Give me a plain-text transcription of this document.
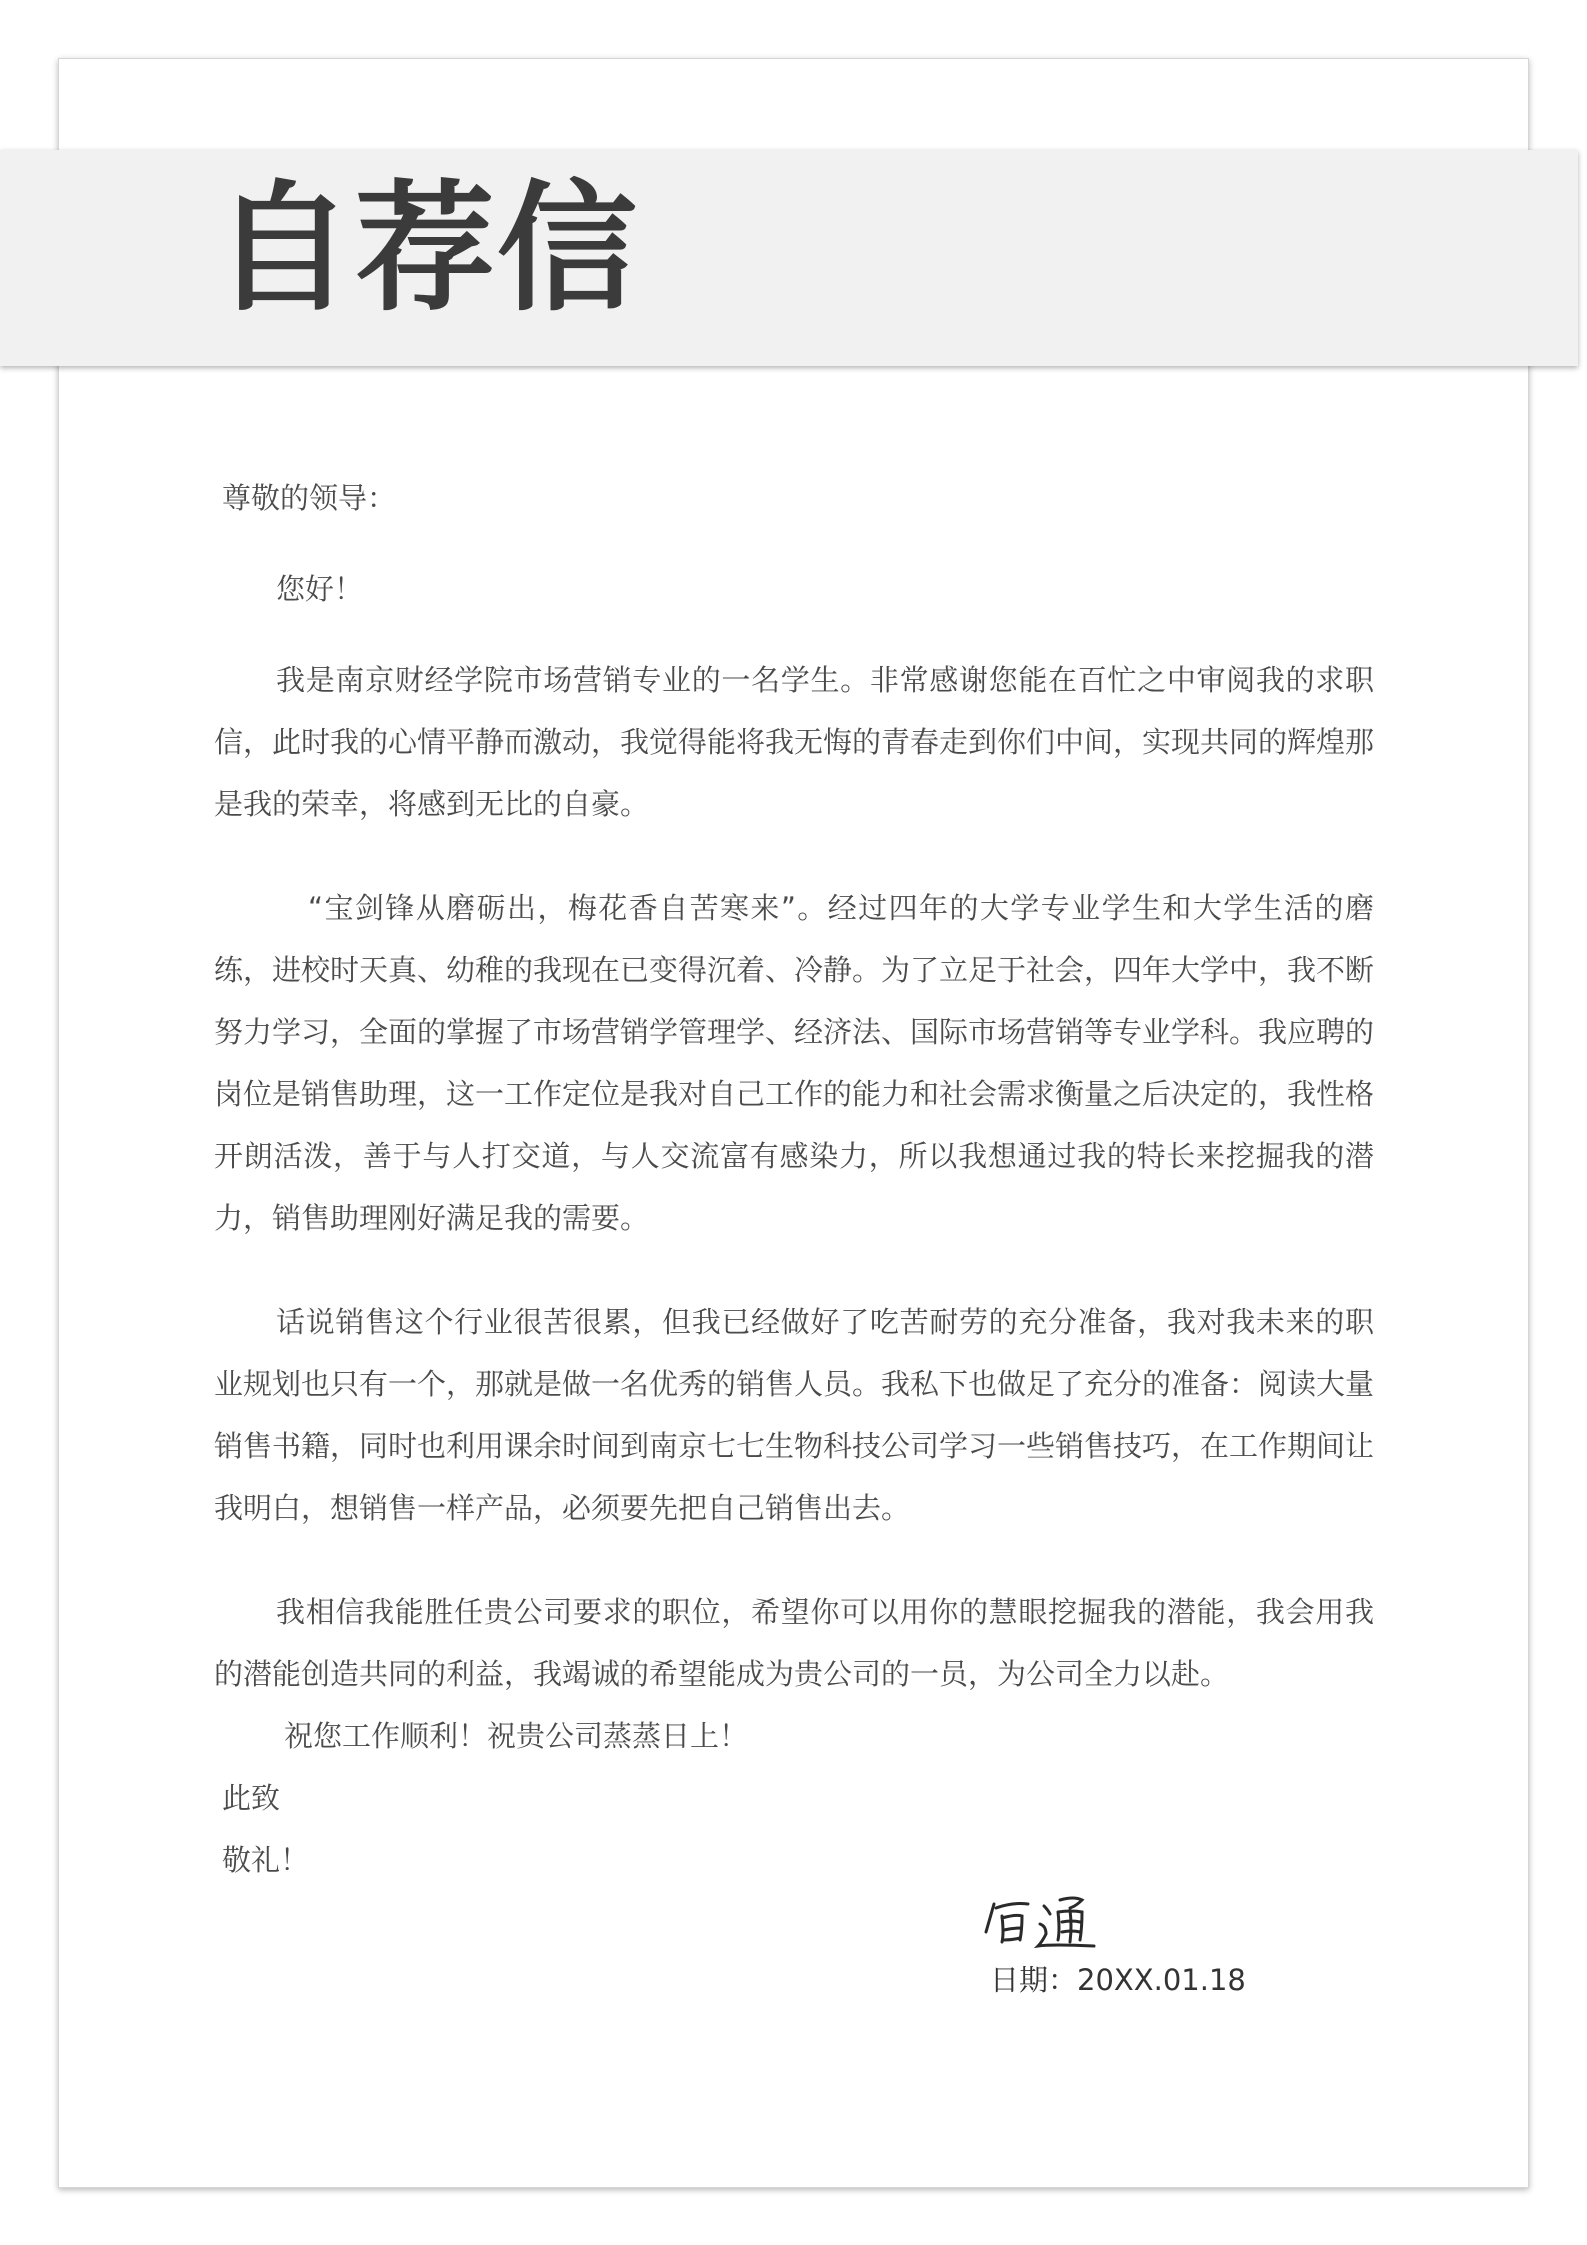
自荐信

尊敬的领导：

您好！

我是南京财经学院市场营销专业的一名学生。非常感谢您能在百忙之中审阅我的求职信，此时我的心情平静而激动，我觉得能将我无悔的青春走到你们中间，实现共同的辉煌那是我的荣幸，将感到无比的自豪。

“宝剑锋从磨砺出，梅花香自苦寒来”。经过四年的大学专业学生和大学生活的磨练，进校时天真、幼稚的我现在已变得沉着、冷静。为了立足于社会，四年大学中，我不断努力学习，全面的掌握了市场营销学管理学、经济法、国际市场营销等专业学科。我应聘的岗位是销售助理，这一工作定位是我对自己工作的能力和社会需求衡量之后决定的，我性格开朗活泼，善于与人打交道，与人交流富有感染力，所以我想通过我的特长来挖掘我的潜力，销售助理刚好满足我的需要。

话说销售这个行业很苦很累，但我已经做好了吃苦耐劳的充分准备，我对我未来的职业规划也只有一个，那就是做一名优秀的销售人员。我私下也做足了充分的准备：阅读大量销售书籍，同时也利用课余时间到南京七七生物科技公司学习一些销售技巧，在工作期间让我明白，想销售一样产品，必须要先把自己销售出去。

我相信我能胜任贵公司要求的职位，希望你可以用你的慧眼挖掘我的潜能，我会用我的潜能创造共同的利益，我竭诚的希望能成为贵公司的一员，为公司全力以赴。

祝您工作顺利！祝贵公司蒸蒸日上！

此致

敬礼！

日期：20XX.01.18
